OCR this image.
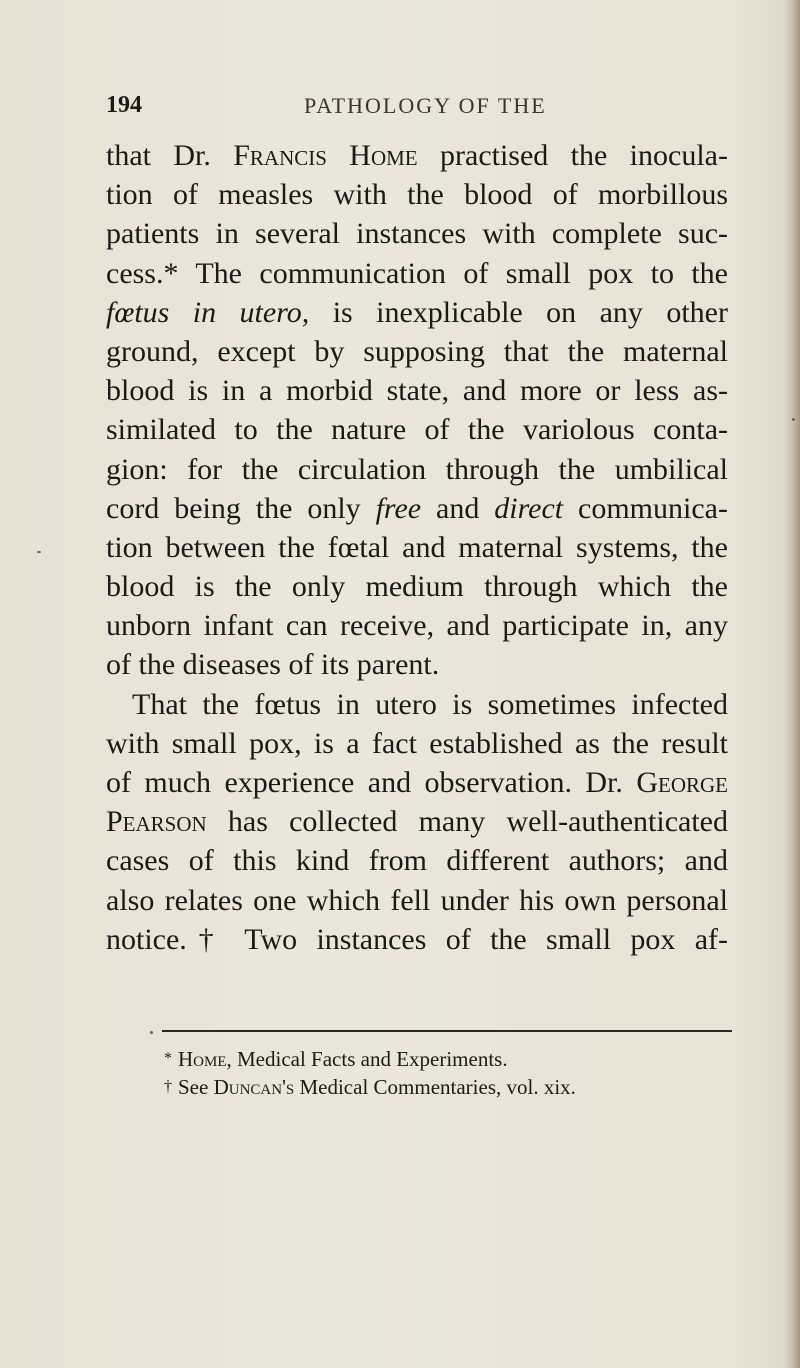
194	PATHOLOGY OF THE
that Dr. Francis Home practised the inocula-
tion of measles with the blood of morbillous
patients in several instances with complete suc-
cess.* The communication of small pox to the
fœtus in utero, is inexplicable on any other
ground, except by supposing that the maternal
blood is in a morbid state, and more or less as-
similated to the nature of the variolous conta-
gion: for the circulation through the umbilical
cord being the only free and direct communica-
tion between the fœtal and maternal systems, the
blood is the only medium through which the
unborn infant can receive, and participate in, any
of the diseases of its parent.
That the fœtus in utero is sometimes infected
with small pox, is a fact established as the result
of much experience and observation. Dr. George
Pearson has collected many well-authenticated
cases of this kind from different authors; and
also relates one which fell under his own personal
notice.† Two instances of the small pox af-
* Home, Medical Facts and Experiments.
† See Duncan's Medical Commentaries, vol. xix.
